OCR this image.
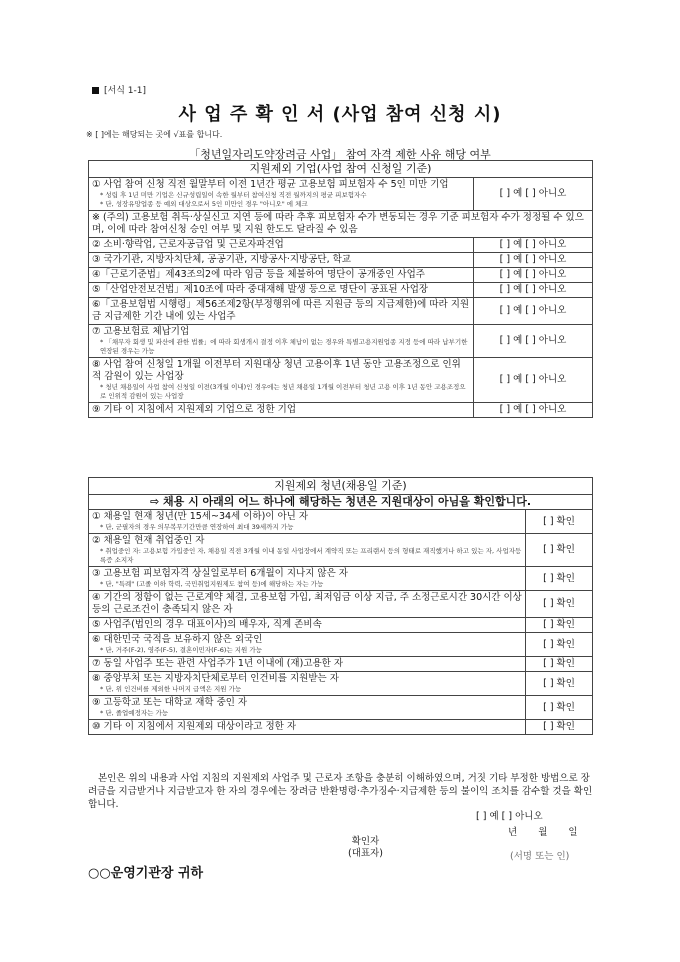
[서식 1-1]
사 업 주 확 인 서 (사업 참여 신청 시)
※ [ ]에는 해당되는 곳에 √표를 합니다.
「청년일자리도약장려금 사업」 참여 자격 제한 사유 해당 여부
지원제외 기업(사업 참여 신청일 기준)	

① 사업 참여 신청 직전 월말부터 이전 1년간 평균 고용보험 피보험자 수 5인 미만 기업
* 성립 후 1년 미만 기업은 신규성립일이 속한 월부터 참여신청 직전 월까지의 평균 피보험자수
* 단, 성장유망업종 등 예외 대상으로서 5인 미만인 경우 "아니오" 에 체크	[ ] 예 [ ] 아니오
※ (주의) 고용보험 취득·상실신고 지연 등에 따라 추후 피보험자 수가 변동되는 경우 기준 피보험자 수가 정정될 수 있으며, 이에 따라 참여신청 승인 여부 및 지원 한도도 달라질 수 있음	

② 소비·향락업, 근로자공급업 및 근로자파견업	[ ] 예 [ ] 아니오

③ 국가기관, 지방자치단체, 공공기관, 지방공사·지방공단, 학교	[ ] 예 [ ] 아니오

④「근로기준법」제43조의2에 따라 임금 등을 체불하여 명단이 공개중인 사업주	[ ] 예 [ ] 아니오

⑤「산업안전보건법」제10조에 따라 중대재해 발생 등으로 명단이 공표된 사업장	[ ] 예 [ ] 아니오

⑥「고용보험법 시행령」제56조제2항(부정행위에 따른 지원금 등의 지급제한)에 따라 지원금 지급제한 기간 내에 있는 사업주	[ ] 예 [ ] 아니오

⑦ 고용보험료 체납기업
* 「채무자 회생 및 파산에 관한 법률」에 따라 회생개시 결정 이후 체납이 없는 경우와 특별고용지원업종 지정 등에 따라 납부기한 연장된 경우는 가능	[ ] 예 [ ] 아니오

⑧ 사업 참여 신청일 1개월 이전부터 지원대상 청년 고용이후 1년 동안 고용조정으로 인위적 감원이 있는 사업장
* 청년 채용일이 사업 참여 신청일 이전(3개월 이내)인 경우에는 청년 채용일 1개월 이전부터 청년 고용 이후 1년 동안 고용조정으로 인위적 감원이 있는 사업장	[ ] 예 [ ] 아니오

⑨ 기타 이 지침에서 지원제외 기업으로 정한 기업	[ ] 예 [ ] 아니오
지원제외 청년(채용일 기준)	
⇨ 채용 시 아래의 어느 하나에 해당하는 청년은 지원대상이 아님을 확인합니다.	

① 채용일 현재 청년(만 15세~34세 이하)이 아닌 자
* 단, 군필자의 경우 의무복무기간만큼 연장하여 최대 39세까지 가능	[ ] 확인

② 채용일 현재 취업중인 자
* 취업중인 자: 고용보험 가입중인 자, 채용일 직전 3개월 이내 동일 사업장에서 계약직 또는 프리랜서 등의 형태로 재직했거나 하고 있는 자, 사업자등록증 소지자	[ ] 확인

③ 고용보험 피보험자격 상실일로부터 6개월이 지나지 않은 자
* 단, "특례" (고졸 이하 학력, 국민취업지원제도 참여 등)에 해당하는 자는 가능	[ ] 확인

④ 기간의 정함이 없는 근로계약 체결, 고용보험 가입, 최저임금 이상 지급, 주 소정근로시간 30시간 이상 등의 근로조건이 충족되지 않은 자	[ ] 확인

⑤ 사업주(법인의 경우 대표이사)의 배우자, 직계 존비속	[ ] 확인

⑥ 대한민국 국적을 보유하지 않은 외국인
* 단, 거주(F-2), 영주(F-5), 결혼이민자(F-6)는 지원 가능	[ ] 확인

⑦ 동일 사업주 또는 관련 사업주가 1년 이내에 (재)고용한 자	[ ] 확인

⑧ 중앙부처 또는 지방자치단체로부터 인건비를 지원받는 자
* 단, 위 인건비를 제외한 나머지 급액은 지원 가능	[ ] 확인

⑨ 고등학교 또는 대학교 재학 중인 자
* 단, 졸업예정자는 가능	[ ] 확인

⑩ 기타 이 지침에서 지원제외 대상이라고 정한 자	[ ] 확인
본인은 위의 내용과 사업 지침의 지원제외 사업주 및 근로자 조항을 충분히 이해하였으며, 거짓 기타 부정한 방법으로 장려금을 지급받거나 지급받고자 한 자의 경우에는 장려금 반환명령·추가징수·지급제한 등의 불이익 조치를 감수할 것을 확인합니다.
[ ] 예 [ ] 아니오
년 월 일
확인자
(대표자)	(서명 또는 인)
○○운영기관장 귀하
